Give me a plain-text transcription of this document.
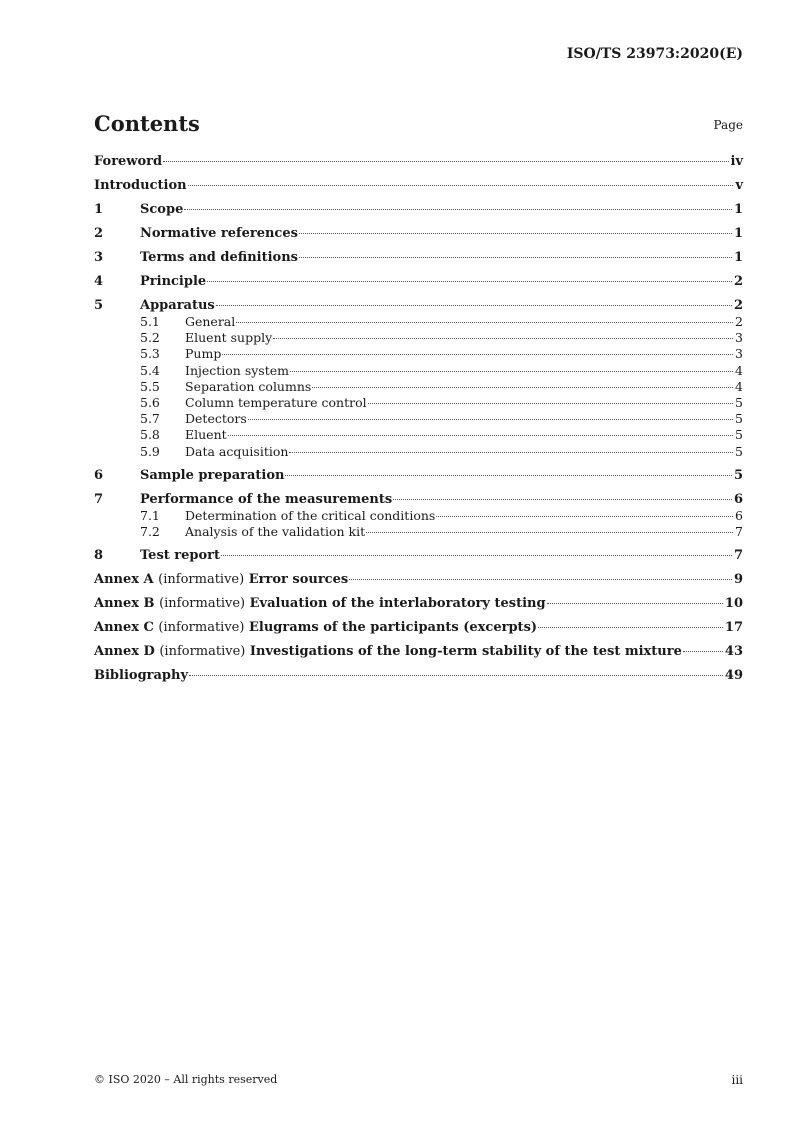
ISO/TS 23973:2020(E)
Contents	Page
Foreword	iv
Introduction	v
1	Scope	1
2	Normative references	1
3	Terms and definitions	1
4	Principle	2
5	Apparatus	2
5.1	General	2
5.2	Eluent supply	3
5.3	Pump	3
5.4	Injection system	4
5.5	Separation columns	4
5.6	Column temperature control	5
5.7	Detectors	5
5.8	Eluent	5
5.9	Data acquisition	5
6	Sample preparation	5
7	Performance of the measurements	6
7.1	Determination of the critical conditions	6
7.2	Analysis of the validation kit	7
8	Test report	7
Annex A (informative) Error sources	9
Annex B (informative) Evaluation of the interlaboratory testing	10
Annex C (informative) Elugrams of the participants (excerpts)	17
Annex D (informative) Investigations of the long-term stability of the test mixture	43
Bibliography	49
© ISO 2020 – All rights reserved	iii
